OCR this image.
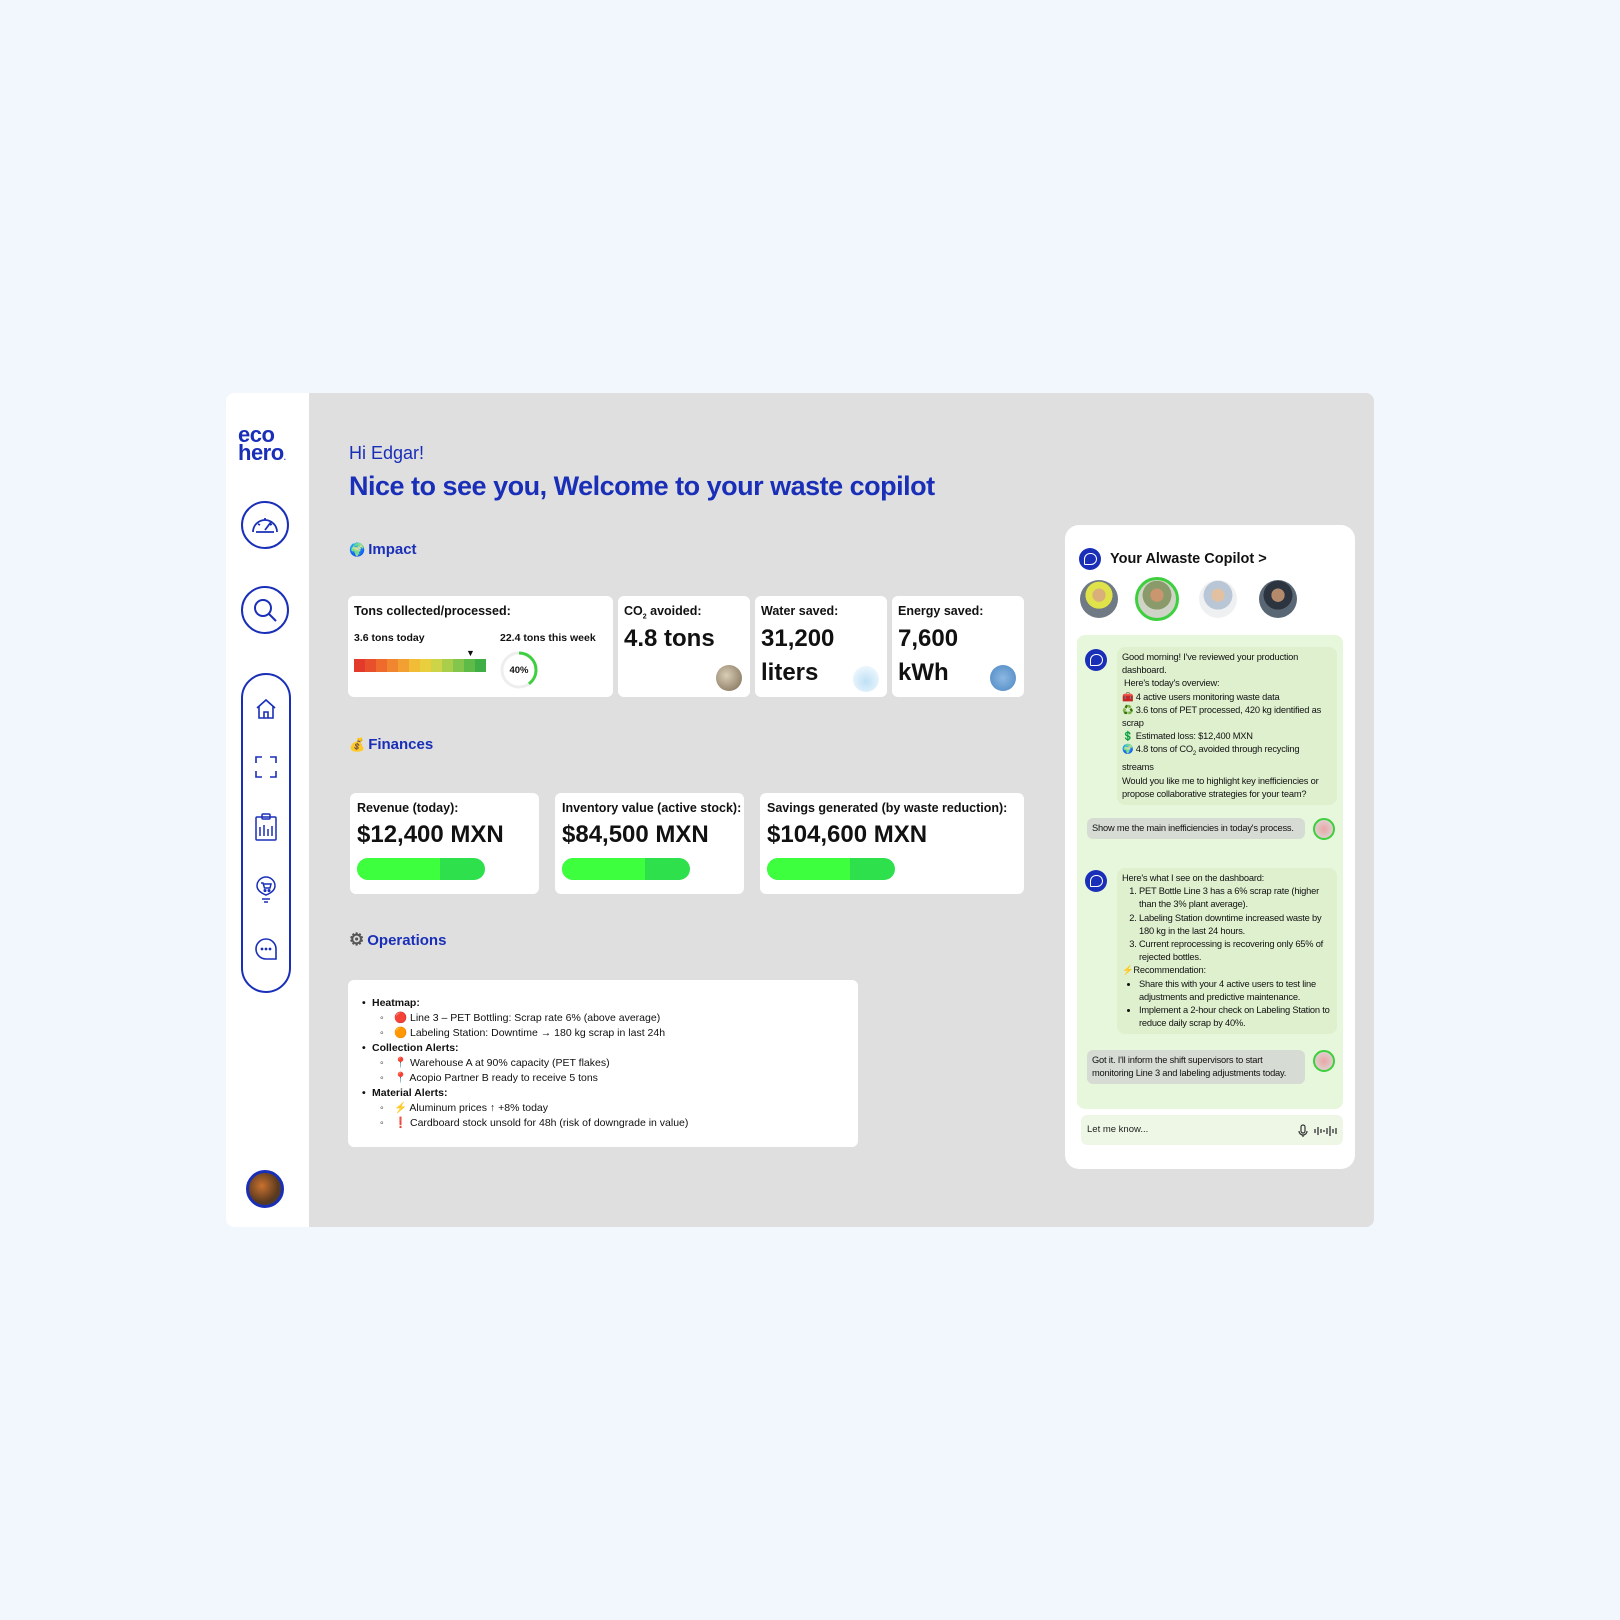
eco
hero.	Hi Edgar!
Nice to see you, Welcome to your waste copilot
🌍 Impact
Tons collected/processed:
3.6 tons today	22.4 tons this week
▼
40%
$CO_2$ avoided:
4.8 tons
Water saved:
31,200
liters
Energy saved:
7,600
kWh
💰 Finances
Revenue (today):
$12,400 MXN
Inventory value (active stock):
$84,500 MXN
Savings generated (by waste reduction):
$104,600 MXN
⚙ Operations
• Heatmap:
◦ 🔴 Line 3 – PET Bottling: Scrap rate 6% (above average)
◦ 🟠 Labeling Station: Downtime → 180 kg scrap in last 24h
• Collection Alerts:
◦ 📍 Warehouse A at 90% capacity (PET flakes)
◦ 📍 Acopio Partner B ready to receive 5 tons
• Material Alerts:
◦ ⚡ Aluminum prices ↑ +8% today
◦ ❗ Cardboard stock unsold for 48h (risk of downgrade in value)
Your Alwaste Copilot >
Good morning! I've reviewed your production dashboard.
Here's today's overview:
🧰 4 active users monitoring waste data
♻️ 3.6 tons of PET processed, 420 kg identified as scrap
💲 Estimated loss: $12,400 MXN
🌍 4.8 tons of $CO_2$ avoided through recycling streams
Would you like me to highlight key inefficiencies or propose collaborative strategies for your team?
Show me the main inefficiencies in today's process.
Here's what I see on the dashboard:
1. PET Bottle Line 3 has a 6% scrap rate (higher than the 3% plant average).
2. Labeling Station downtime increased waste by 180 kg in the last 24 hours.
3. Current reprocessing is recovering only 65% of rejected bottles.
⚡Recommendation:
• Share this with your 4 active users to test line adjustments and predictive maintenance.
• Implement a 2-hour check on Labeling Station to reduce daily scrap by 40%.
Got it. I'll inform the shift supervisors to start monitoring Line 3 and labeling adjustments today.
Let me know...
